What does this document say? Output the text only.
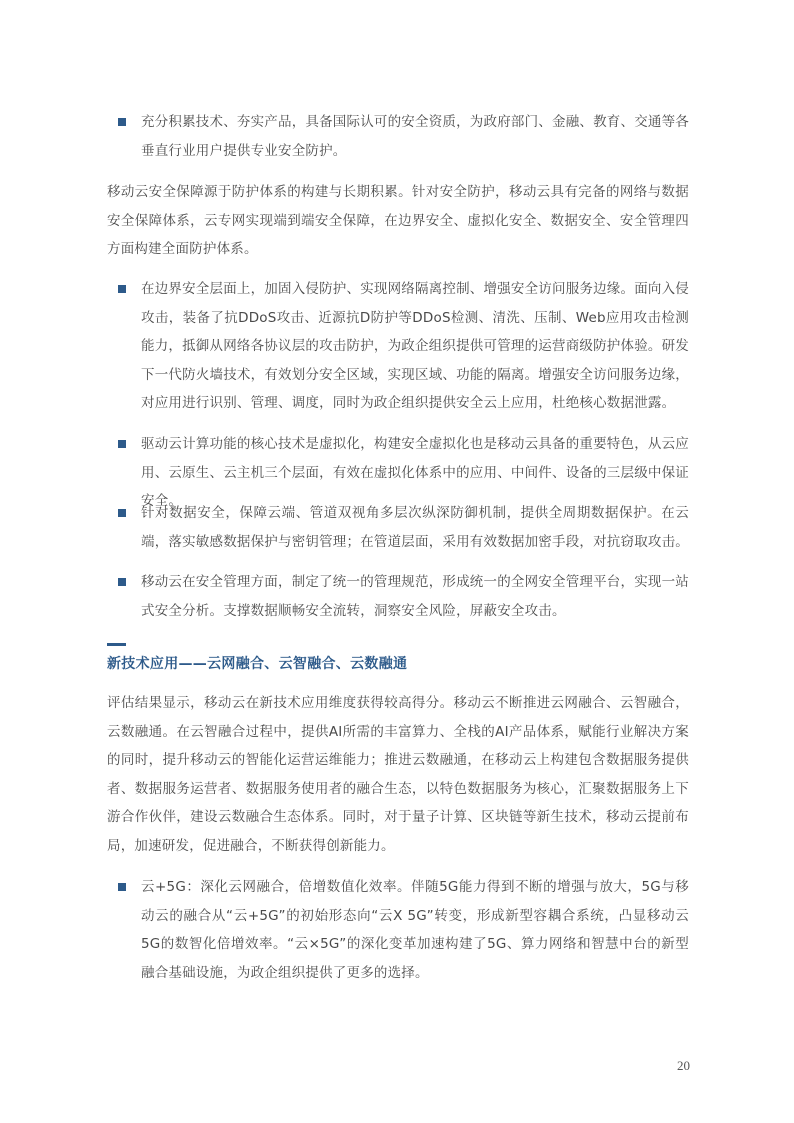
充分积累技术、夯实产品，具备国际认可的安全资质，为政府部门、金融、教育、交通等各垂直行业用户提供专业安全防护。

移动云安全保障源于防护体系的构建与长期积累。针对安全防护，移动云具有完备的网络与数据安全保障体系，云专网实现端到端安全保障，在边界安全、虚拟化安全、数据安全、安全管理四方面构建全面防护体系。

在边界安全层面上，加固入侵防护、实现网络隔离控制、增强安全访问服务边缘。面向入侵攻击，装备了抗DDoS攻击、近源抗D防护等DDoS检测、清洗、压制、Web应用攻击检测能力，抵御从网络各协议层的攻击防护，为政企组织提供可管理的运营商级防护体验。研发下一代防火墙技术，有效划分安全区域，实现区域、功能的隔离。增强安全访问服务边缘，对应用进行识别、管理、调度，同时为政企组织提供安全云上应用，杜绝核心数据泄露。
驱动云计算功能的核心技术是虚拟化，构建安全虚拟化也是移动云具备的重要特色，从云应用、云原生、云主机三个层面，有效在虚拟化体系中的应用、中间件、设备的三层级中保证安全。
针对数据安全，保障云端、管道双视角多层次纵深防御机制，提供全周期数据保护。在云端，落实敏感数据保护与密钥管理；在管道层面，采用有效数据加密手段，对抗窃取攻击。
移动云在安全管理方面，制定了统一的管理规范，形成统一的全网安全管理平台，实现一站式安全分析。支撑数据顺畅安全流转，洞察安全风险，屏蔽安全攻击。
新技术应用——云网融合、云智融合、云数融通

评估结果显示，移动云在新技术应用维度获得较高得分。移动云不断推进云网融合、云智融合，云数融通。在云智融合过程中，提供AI所需的丰富算力、全栈的AI产品体系，赋能行业解决方案的同时，提升移动云的智能化运营运维能力；推进云数融通，在移动云上构建包含数据服务提供者、数据服务运营者、数据服务使用者的融合生态，以特色数据服务为核心，汇聚数据服务上下游合作伙伴，建设云数融合生态体系。同时，对于量子计算、区块链等新生技术，移动云提前布局，加速研发，促进融合，不断获得创新能力。

云+5G：深化云网融合，倍增数值化效率。伴随5G能力得到不断的增强与放大，5G与移动云的融合从“云+5G”的初始形态向“云X 5G”转变，形成新型容耦合系统，凸显移动云5G的数智化倍增效率。“云×5G”的深化变革加速构建了5G、算力网络和智慧中台的新型融合基础设施，为政企组织提供了更多的选择。
20
